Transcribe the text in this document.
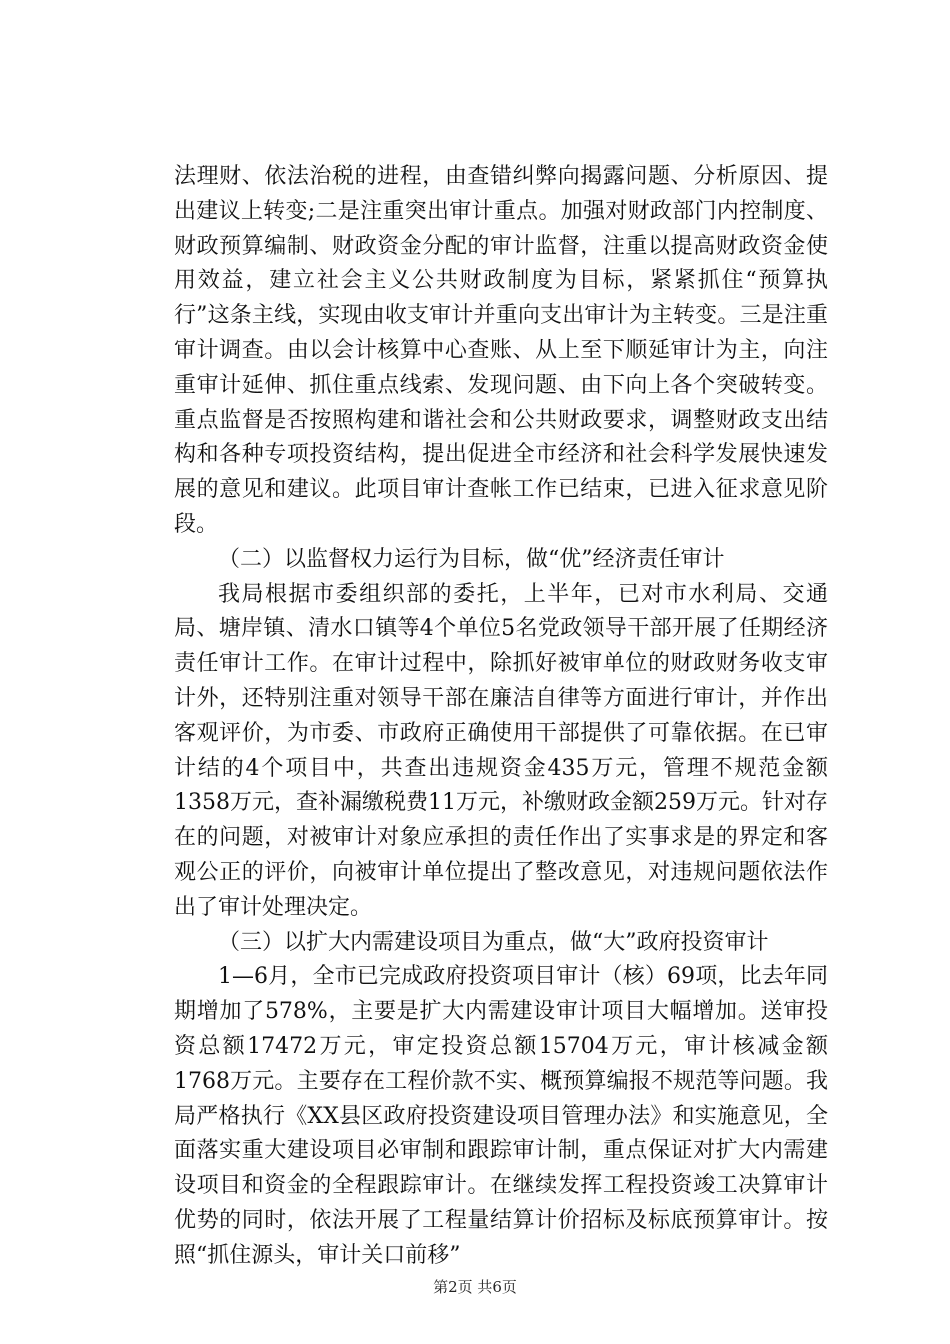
法理财、依法治税的进程，由查错纠弊向揭露问题、分析原因、提出建议上转变;二是注重突出审计重点。加强对财政部门内控制度、财政预算编制、财政资金分配的审计监督，注重以提高财政资金使用效益，建立社会主义公共财政制度为目标，紧紧抓住“预算执行”这条主线，实现由收支审计并重向支出审计为主转变。三是注重审计调查。由以会计核算中心查账、从上至下顺延审计为主，向注重审计延伸、抓住重点线索、发现问题、由下向上各个突破转变。重点监督是否按照构建和谐社会和公共财政要求，调整财政支出结构和各种专项投资结构，提出促进全市经济和社会科学发展快速发展的意见和建议。此项目审计查帐工作已结束，已进入征求意见阶段。

（二）以监督权力运行为目标，做“优”经济责任审计

我局根据市委组织部的委托，上半年，已对市水利局、交通局、塘岸镇、清水口镇等4个单位5名党政领导干部开展了任期经济责任审计工作。在审计过程中，除抓好被审单位的财政财务收支审计外，还特别注重对领导干部在廉洁自律等方面进行审计，并作出客观评价，为市委、市政府正确使用干部提供了可靠依据。在已审计结的4个项目中，共查出违规资金435万元，管理不规范金额1358万元，查补漏缴税费11万元，补缴财政金额259万元。针对存在的问题，对被审计对象应承担的责任作出了实事求是的界定和客观公正的评价，向被审计单位提出了整改意见，对违规问题依法作出了审计处理决定。

（三）以扩大内需建设项目为重点，做“大”政府投资审计

1—6月，全市已完成政府投资项目审计（核）69项，比去年同期增加了578%，主要是扩大内需建设审计项目大幅增加。送审投资总额17472万元，审定投资总额15704万元，审计核减金额1768万元。主要存在工程价款不实、概预算编报不规范等问题。我局严格执行《XX县区政府投资建设项目管理办法》和实施意见，全面落实重大建设项目必审制和跟踪审计制，重点保证对扩大内需建设项目和资金的全程跟踪审计。在继续发挥工程投资竣工决算审计优势的同时，依法开展了工程量结算计价招标及标底预算审计。按照“抓住源头，审计关口前移”

第2页 共6页
